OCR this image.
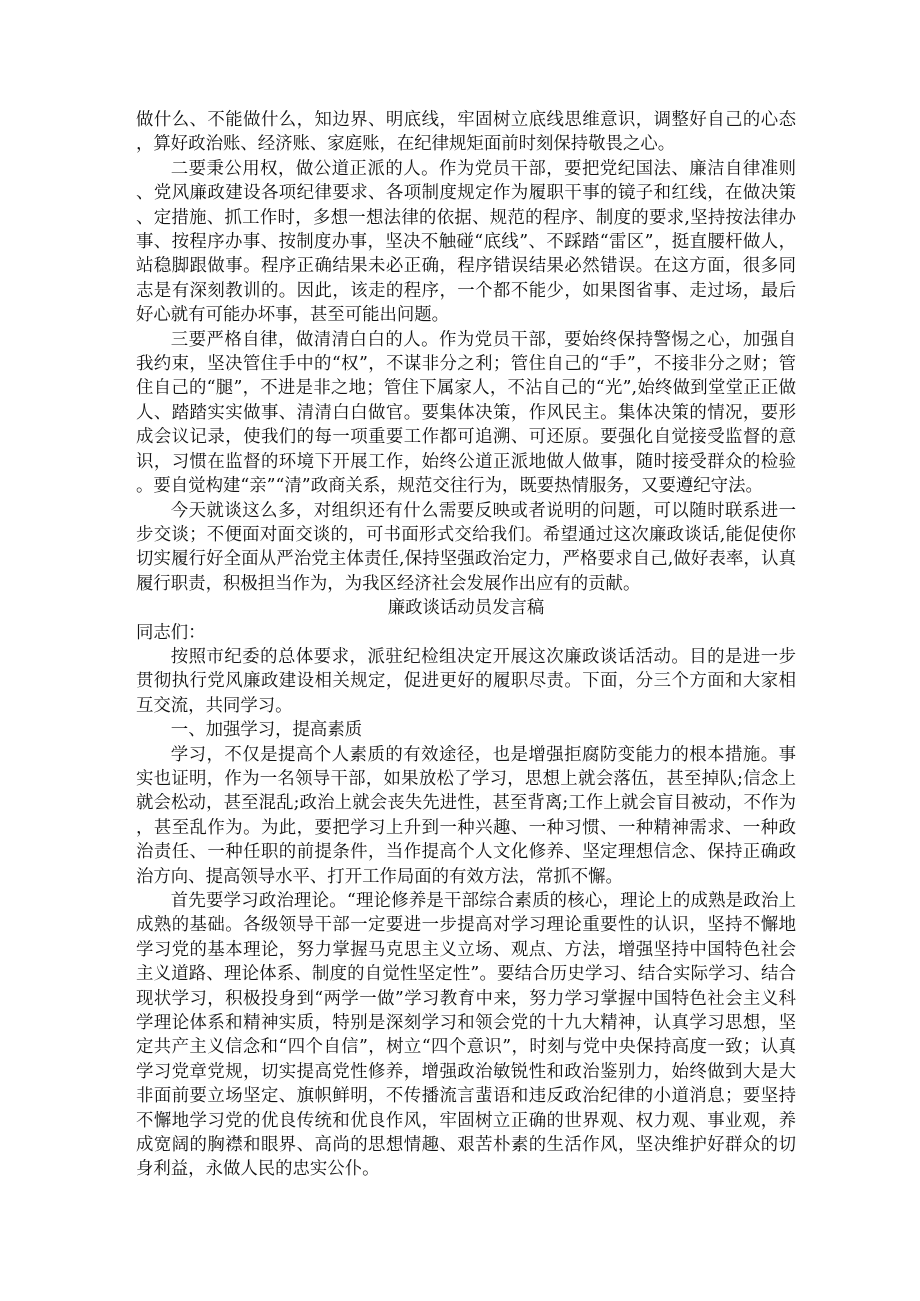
做什么、不能做什么，知边界、明底线，牢固树立底线思维意识，调整好自己的心态，算好政治账、经济账、家庭账，在纪律规矩面前时刻保持敬畏之心。

二要秉公用权，做公道正派的人。作为党员干部，要把党纪国法、廉洁自律准则、党风廉政建设各项纪律要求、各项制度规定作为履职干事的镜子和红线，在做决策、定措施、抓工作时，多想一想法律的依据、规范的程序、制度的要求,坚持按法律办事、按程序办事、按制度办事，坚决不触碰“底线”、不踩踏“雷区”，挺直腰杆做人，站稳脚跟做事。程序正确结果未必正确，程序错误结果必然错误。在这方面，很多同志是有深刻教训的。因此，该走的程序，一个都不能少，如果图省事、走过场，最后好心就有可能办坏事，甚至可能出问题。

三要严格自律，做清清白白的人。作为党员干部，要始终保持警惕之心，加强自我约束，坚决管住手中的“权”，不谋非分之利；管住自己的“手”，不接非分之财；管住自己的“腿”，不进是非之地；管住下属家人，不沾自己的“光”,始终做到堂堂正正做人、踏踏实实做事、清清白白做官。要集体决策，作风民主。集体决策的情况，要形成会议记录，使我们的每一项重要工作都可追溯、可还原。要强化自觉接受监督的意识，习惯在监督的环境下开展工作，始终公道正派地做人做事，随时接受群众的检验。要自觉构建“亲”“清”政商关系，规范交往行为，既要热情服务，又要遵纪守法。

今天就谈这么多，对组织还有什么需要反映或者说明的问题，可以随时联系进一步交谈；不便面对面交谈的，可书面形式交给我们。希望通过这次廉政谈话,能促使你切实履行好全面从严治党主体责任,保持坚强政治定力，严格要求自己,做好表率，认真履行职责，积极担当作为，为我区经济社会发展作出应有的贡献。

廉政谈话动员发言稿

同志们：

按照市纪委的总体要求，派驻纪检组决定开展这次廉政谈话活动。目的是进一步贯彻执行党风廉政建设相关规定，促进更好的履职尽责。下面，分三个方面和大家相互交流，共同学习。

一、加强学习，提高素质

学习，不仅是提高个人素质的有效途径，也是增强拒腐防变能力的根本措施。事实也证明，作为一名领导干部，如果放松了学习，思想上就会落伍，甚至掉队;信念上就会松动，甚至混乱;政治上就会丧失先进性，甚至背离;工作上就会盲目被动，不作为，甚至乱作为。为此，要把学习上升到一种兴趣、一种习惯、一种精神需求、一种政治责任、一种任职的前提条件，当作提高个人文化修养、坚定理想信念、保持正确政治方向、提高领导水平、打开工作局面的有效方法，常抓不懈。

首先要学习政治理论。“理论修养是干部综合素质的核心，理论上的成熟是政治上成熟的基础。各级领导干部一定要进一步提高对学习理论重要性的认识，坚持不懈地学习党的基本理论，努力掌握马克思主义立场、观点、方法，增强坚持中国特色社会主义道路、理论体系、制度的自觉性坚定性”。要结合历史学习、结合实际学习、结合现状学习，积极投身到“两学一做”学习教育中来，努力学习掌握中国特色社会主义科学理论体系和精神实质，特别是深刻学习和领会党的十九大精神，认真学习思想，坚定共产主义信念和“四个自信”，树立“四个意识”，时刻与党中央保持高度一致；认真学习党章党规，切实提高党性修养，增强政治敏锐性和政治鉴别力，始终做到大是大非面前要立场坚定、旗帜鲜明，不传播流言蜚语和违反政治纪律的小道消息；要坚持不懈地学习党的优良传统和优良作风，牢固树立正确的世界观、权力观、事业观，养成宽阔的胸襟和眼界、高尚的思想情趣、艰苦朴素的生活作风，坚决维护好群众的切身利益，永做人民的忠实公仆。
